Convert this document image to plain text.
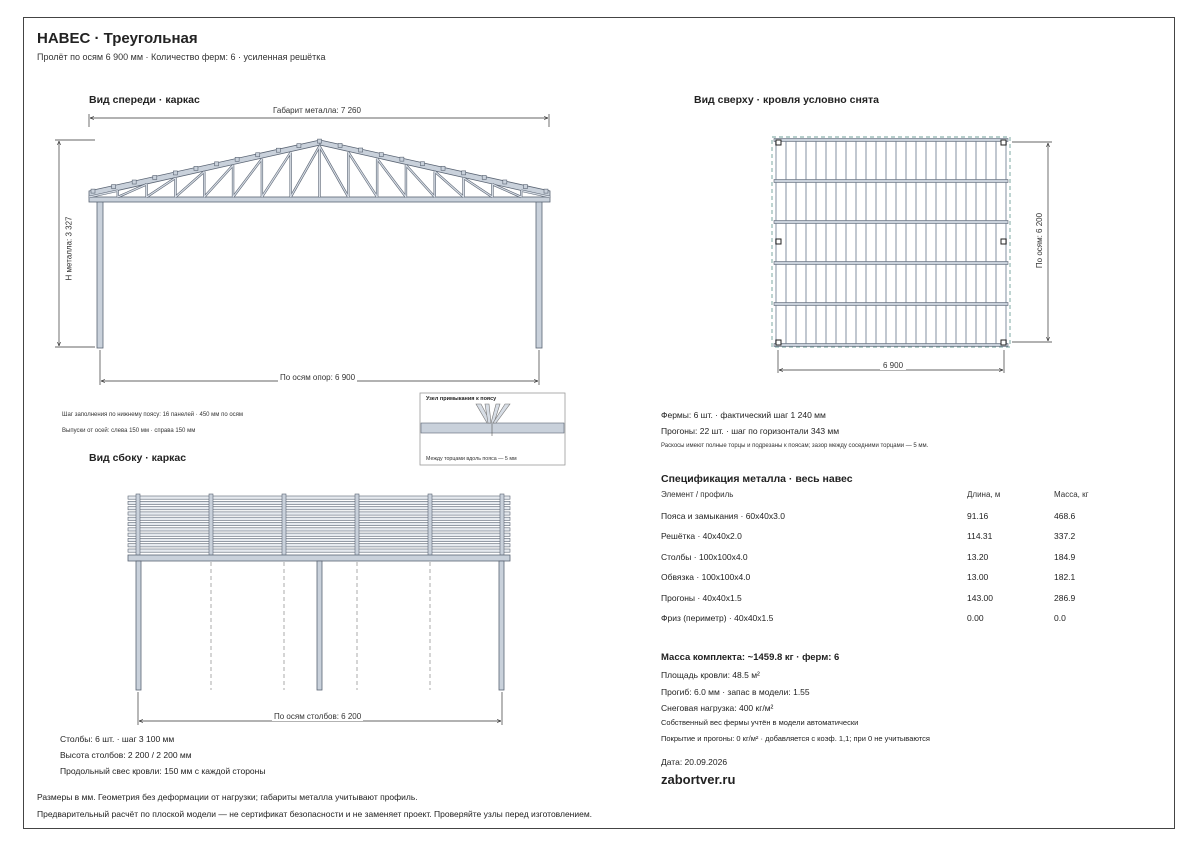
НАВЕС · Треугольная
Пролёт по осям 6 900 мм · Количество ферм: 6 · усиленная решётка
Вид спереди · каркас	Вид сверху · кровля условно снята
Вид сбоку · каркас
Габарит металла: 7 260
H металла: 3 327
По осям опор: 6 900
Шаг заполнения по нижнему поясу: 16 панелей · 450 мм по осям
Выпуски от осей: слева 150 мм · справа 150 мм
Узел примыкания к поясу
Между торцами вдоль пояса — 5 мм
По осям столбов: 6 200
Столбы: 6 шт. · шаг 3 100 мм
Высота столбов: 2 200 / 2 200 мм
Продольный свес кровли: 150 мм с каждой стороны
6 900
По осям: 6 200
Фермы: 6 шт. · фактический шаг 1 240 мм
Прогоны: 22 шт. · шаг по горизонтали 343 мм
Раскосы имеют полные торцы и подрезаны к поясам; зазор между соседними торцами — 5 мм.
Спецификация металла · весь навес
Элемент / профиль	Длина, м	Масса, кг
Пояса и замыкания · 60x40x3.0	91.16	468.6
Решётка · 40x40x2.0	114.31	337.2
Столбы · 100x100x4.0	13.20	184.9
Обвязка · 100x100x4.0	13.00	182.1
Прогоны · 40x40x1.5	143.00	286.9
Фриз (периметр) · 40x40x1.5	0.00	0.0
Масса комплекта: ~1459.8 кг · ферм: 6
Площадь кровли: 48.5 м²
Прогиб: 6.0 мм · запас в модели: 1.55
Снеговая нагрузка: 400 кг/м²
Собственный вес фермы учтён в модели автоматически
Покрытие и прогоны: 0 кг/м² · добавляется с коэф. 1,1; при 0 не учитываются
Дата: 20.09.2026
zabortver.ru
Размеры в мм. Геометрия без деформации от нагрузки; габариты металла учитывают профиль.
Предварительный расчёт по плоской модели — не сертификат безопасности и не заменяет проект. Проверяйте узлы перед изготовлением.
